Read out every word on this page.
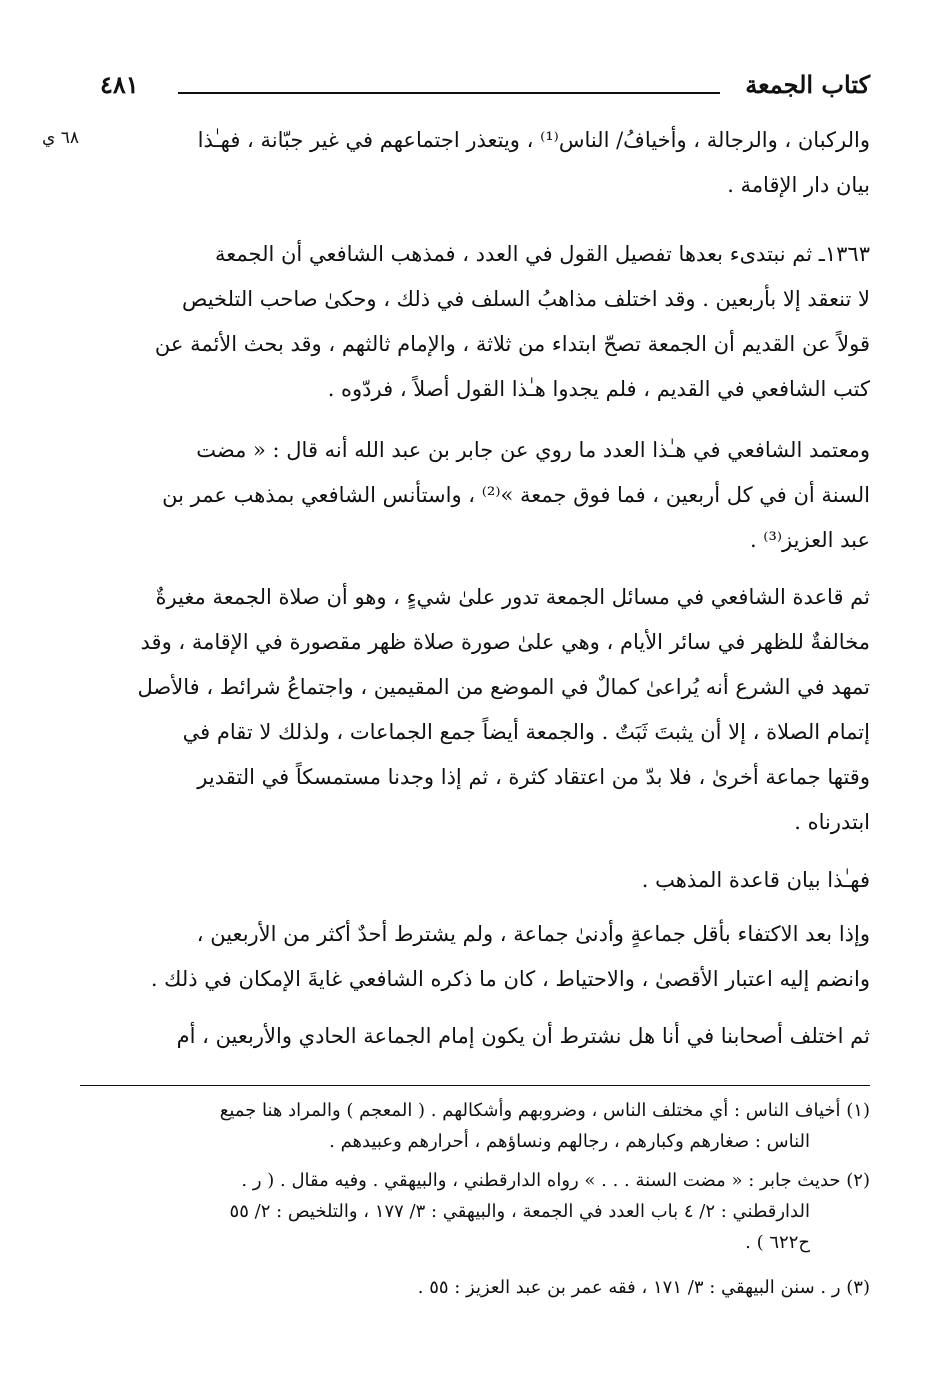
كتاب الجمعة
٤٨١
٦٨ ي	والركبان ، والرجالة ، وأخيافُ/ الناس⁽¹⁾ ، ويتعذر اجتماعهم في غير جبّانة ، فهـٰذا
بيان دار الإقامة .
١٣٦٣ـ ثم نبتدىء بعدها تفصيل القول في العدد ، فمذهب الشافعي أن الجمعة
لا تنعقد إلا بأربعين . وقد اختلف مذاهبُ السلف في ذلك ، وحكىٰ صاحب التلخيص
قولاً عن القديم أن الجمعة تصحّ ابتداء من ثلاثة ، والإمام ثالثهم ، وقد بحث الأئمة عن
كتب الشافعي في القديم ، فلم يجدوا هـٰذا القول أصلاً ، فردّوه .
ومعتمد الشافعي في هـٰذا العدد ما روي عن جابر بن عبد الله أنه قال : « مضت
السنة أن في كل أربعين ، فما فوق جمعة »⁽²⁾ ، واستأنس الشافعي بمذهب عمر بن
عبد العزيز⁽³⁾ .
ثم قاعدة الشافعي في مسائل الجمعة تدور علىٰ شيءٍ ، وهو أن صلاة الجمعة مغيرةٌ
مخالفةٌ للظهر في سائر الأيام ، وهي علىٰ صورة صلاة ظهر مقصورة في الإقامة ، وقد
تمهد في الشرع أنه يُراعىٰ كمالٌ في الموضع من المقيمين ، واجتماعُ شرائط ، فالأصل
إتمام الصلاة ، إلا أن يثبتَ ثَبَتٌ . والجمعة أيضاً جمع الجماعات ، ولذلك لا تقام في
وقتها جماعة أخرىٰ ، فلا بدّ من اعتقاد كثرة ، ثم إذا وجدنا مستمسكاً في التقدير
ابتدرناه .
فهـٰذا بيان قاعدة المذهب .
وإذا بعد الاكتفاء بأقل جماعةٍ وأدنىٰ جماعة ، ولم يشترط أحدٌ أكثر من الأربعين ،
وانضم إليه اعتبار الأقصىٰ ، والاحتياط ، كان ما ذكره الشافعي غايةَ الإمكان في ذلك .
ثم اختلف أصحابنا في أنا هل نشترط أن يكون إمام الجماعة الحادي والأربعين ، أم
(١) أخياف الناس : أي مختلف الناس ، وضروبهم وأشكالهم . ( المعجم ) والمراد هنا جميع
الناس : صغارهم وكبارهم ، رجالهم ونساؤهم ، أحرارهم وعبيدهم .
(٢) حديث جابر : « مضت السنة . . . » رواه الدارقطني ، والبيهقي . وفيه مقال . ( ر .
الدارقطني : ٢/ ٤ باب العدد في الجمعة ، والبيهقي : ٣/ ١٧٧ ، والتلخيص : ٢/ ٥٥
ح٦٢٢ ) .
(٣) ر . سنن البيهقي : ٣/ ١٧١ ، فقه عمر بن عبد العزيز : ٥٥ .
